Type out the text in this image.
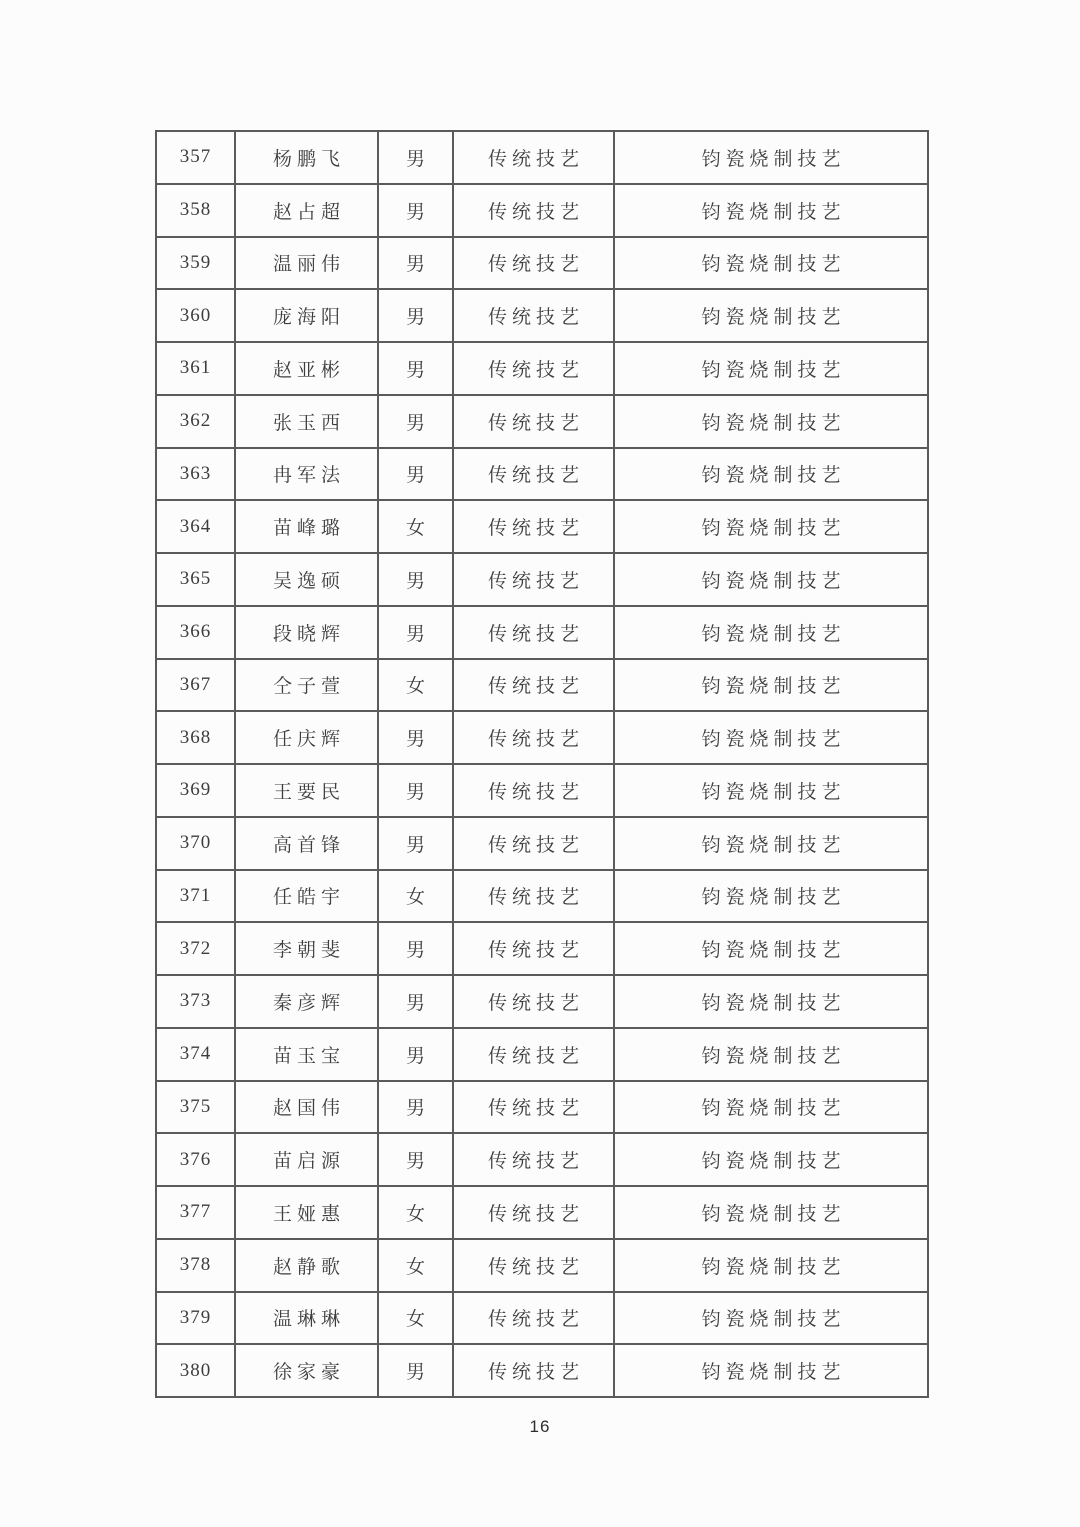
357	杨鹏飞	男	传统技艺	钧瓷烧制技艺
358	赵占超	男	传统技艺	钧瓷烧制技艺
359	温丽伟	男	传统技艺	钧瓷烧制技艺
360	庞海阳	男	传统技艺	钧瓷烧制技艺
361	赵亚彬	男	传统技艺	钧瓷烧制技艺
362	张玉西	男	传统技艺	钧瓷烧制技艺
363	冉军法	男	传统技艺	钧瓷烧制技艺
364	苗峰璐	女	传统技艺	钧瓷烧制技艺
365	吴逸硕	男	传统技艺	钧瓷烧制技艺
366	段晓辉	男	传统技艺	钧瓷烧制技艺
367	仝子萱	女	传统技艺	钧瓷烧制技艺
368	任庆辉	男	传统技艺	钧瓷烧制技艺
369	王要民	男	传统技艺	钧瓷烧制技艺
370	高首锋	男	传统技艺	钧瓷烧制技艺
371	任皓宇	女	传统技艺	钧瓷烧制技艺
372	李朝斐	男	传统技艺	钧瓷烧制技艺
373	秦彦辉	男	传统技艺	钧瓷烧制技艺
374	苗玉宝	男	传统技艺	钧瓷烧制技艺
375	赵国伟	男	传统技艺	钧瓷烧制技艺
376	苗启源	男	传统技艺	钧瓷烧制技艺
377	王娅惠	女	传统技艺	钧瓷烧制技艺
378	赵静歌	女	传统技艺	钧瓷烧制技艺
379	温琳琳	女	传统技艺	钧瓷烧制技艺
380	徐家豪	男	传统技艺	钧瓷烧制技艺
16
